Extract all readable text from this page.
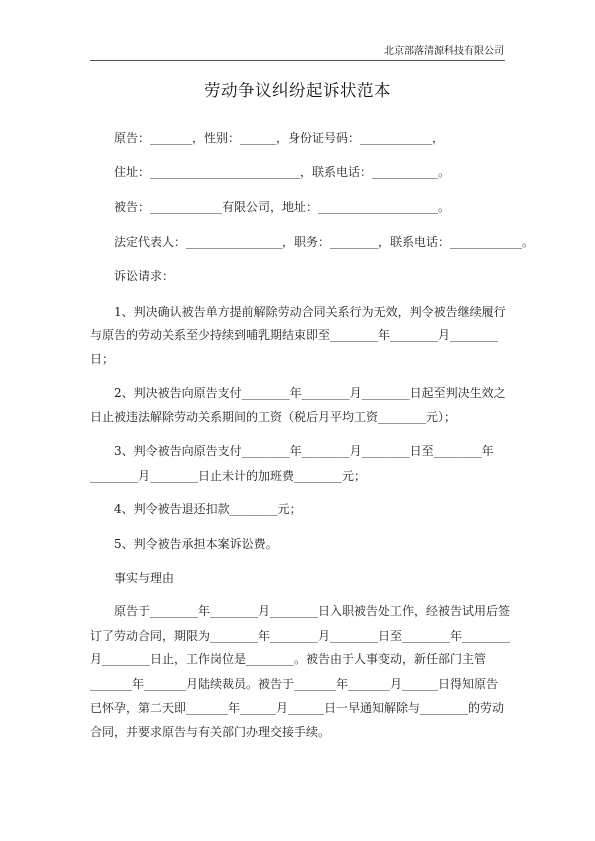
北京部落清源科技有限公司
劳动争议纠纷起诉状范本
原告：_______，性别：______，身份证号码：____________，
住址：_________________________，联系电话：___________。
被告：____________有限公司，地址：____________________。
法定代表人：________________，职务：________，联系电话：____________。
诉讼请求：
1、判决确认被告单方提前解除劳动合同关系行为无效，判令被告继续履行
与原告的劳动关系至少持续到哺乳期结束即至________年________月________
日；
2、判决被告向原告支付________年________月________日起至判决生效之
日止被违法解除劳动关系期间的工资（税后月平均工资________元）；
3、判令被告向原告支付________年________月________日至________年
________月________日止未计的加班费________元；
4、判令被告退还扣款________元；
5、判令被告承担本案诉讼费。
事实与理由
原告于________年________月________日入职被告处工作，经被告试用后签
订了劳动合同，期限为________年________月________日至________年________
月________日止，工作岗位是________。被告由于人事变动，新任部门主管
_______年_______月陆续裁员。被告于_______年_______月______日得知原告
已怀孕，第二天即_______年______月______日一早通知解除与________的劳动
合同，并要求原告与有关部门办理交接手续。
